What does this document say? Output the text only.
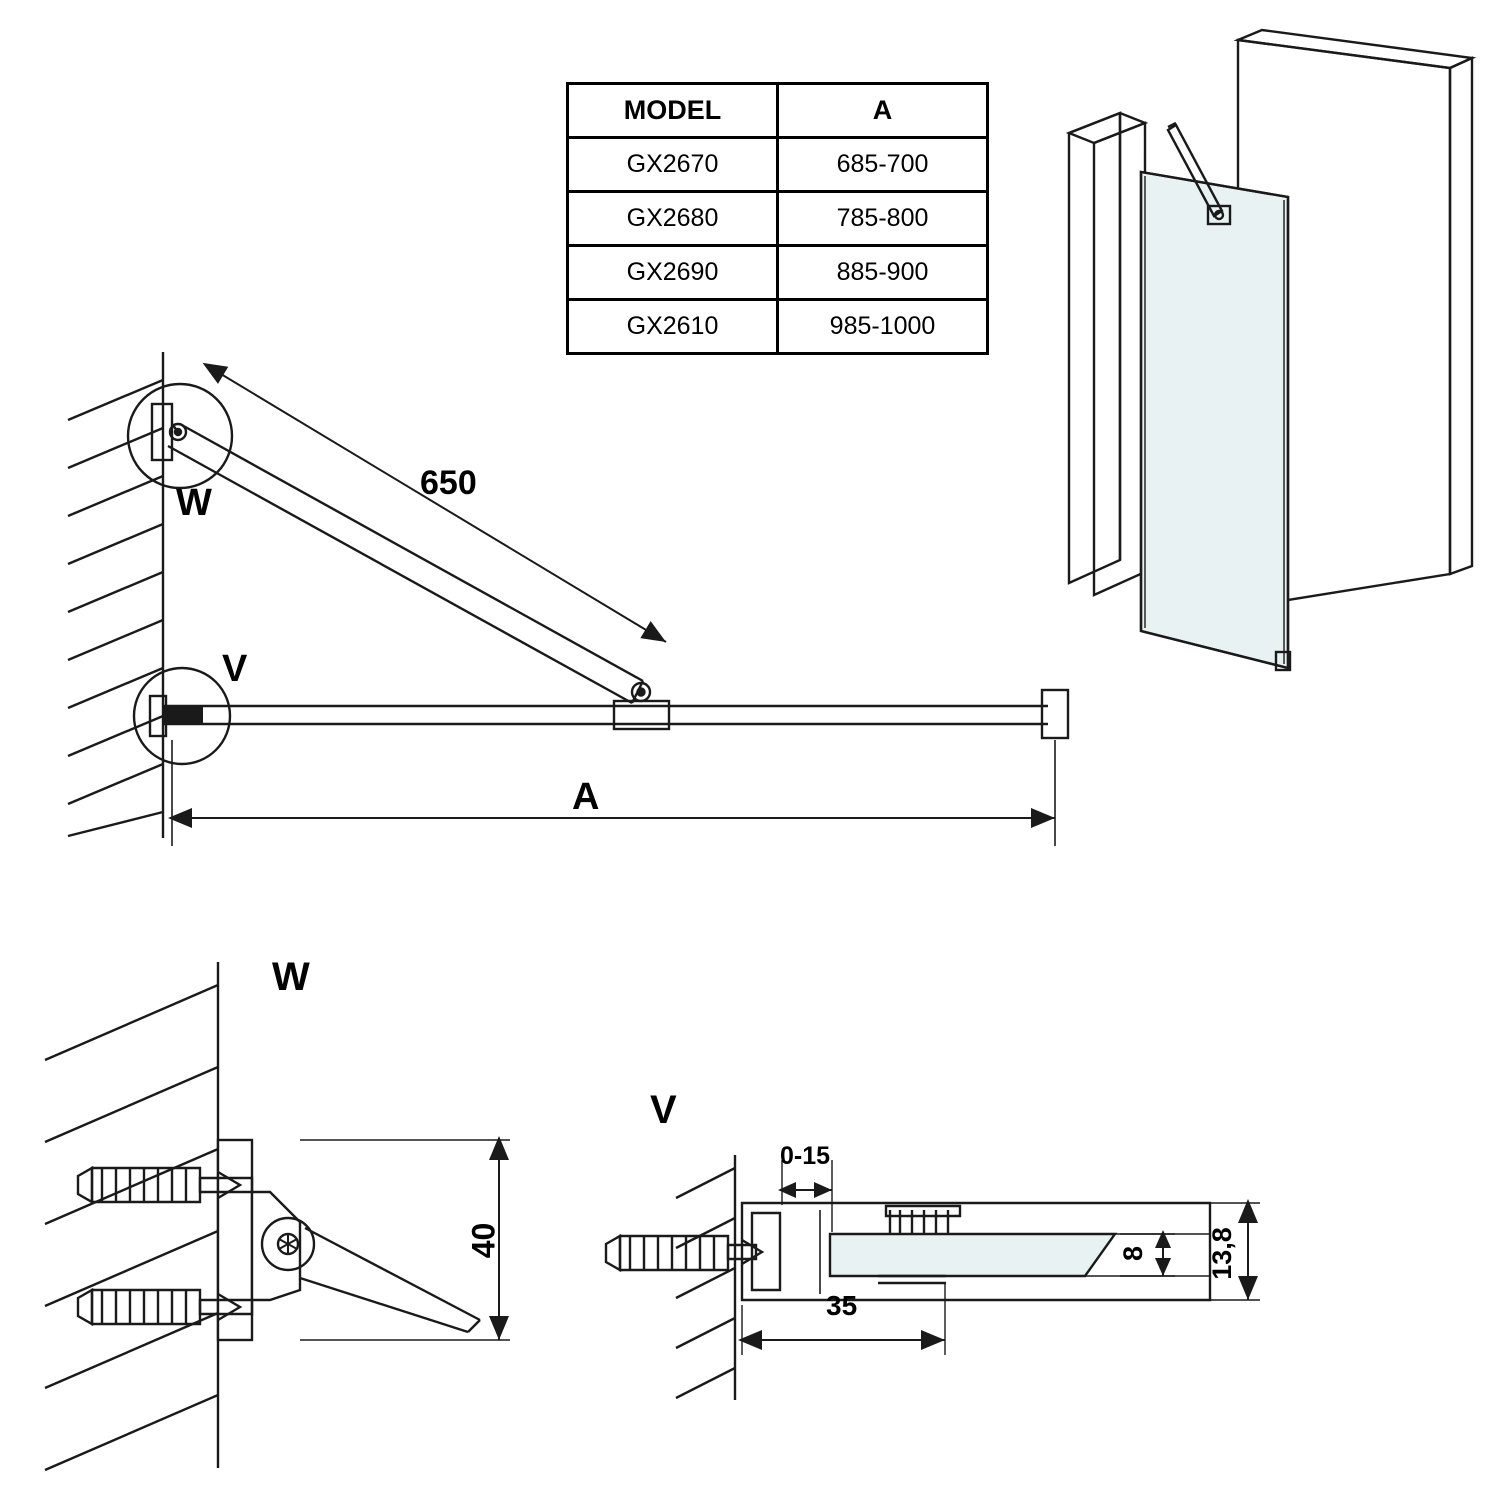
MODEL	A
GX2670	685-700
GX2680	785-800
GX2690	885-900
GX2610	985-1000
W
V
650
A
W
40
V
0-15
8 13,8
35
